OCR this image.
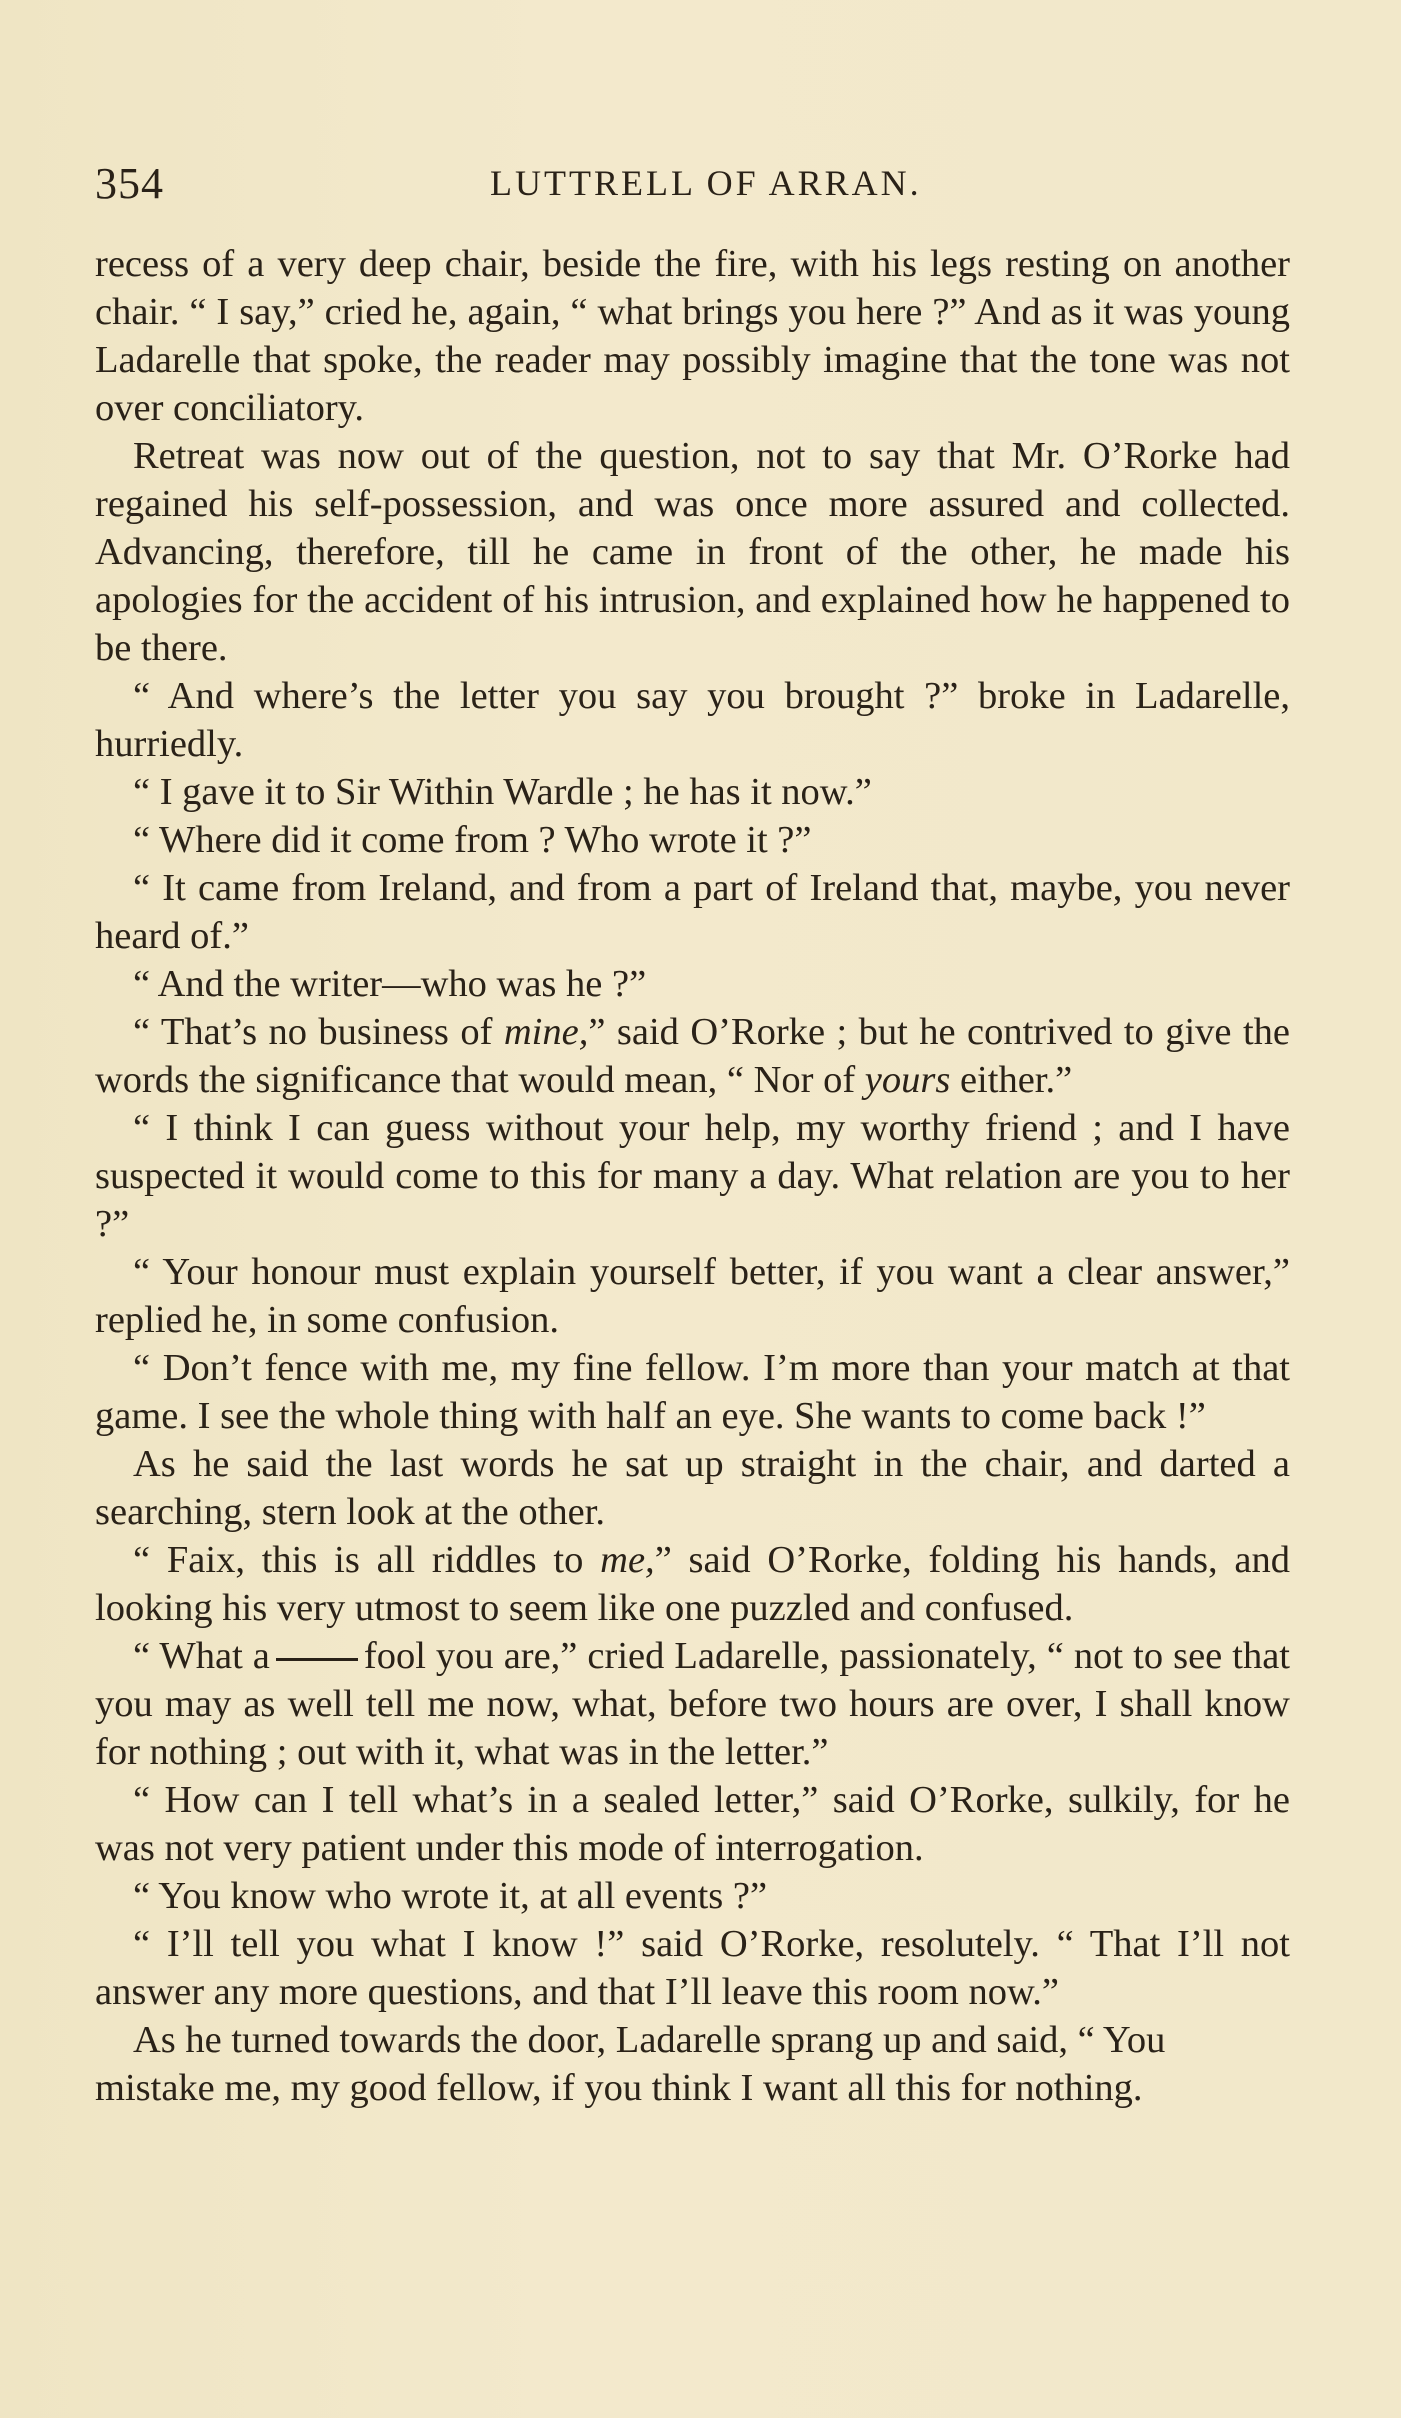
354	LUTTRELL OF ARRAN.

recess of a very deep chair, beside the fire, with his legs resting on another chair. “ I say,” cried he, again, “ what brings you here ?” And as it was young Ladarelle that spoke, the reader may possibly imagine that the tone was not over conciliatory.

Retreat was now out of the question, not to say that Mr. O’Rorke had regained his self-possession, and was once more assured and collected. Advancing, therefore, till he came in front of the other, he made his apologies for the accident of his intrusion, and explained how he happened to be there.

“ And where’s the letter you say you brought ?” broke in Ladarelle, hurriedly.

“ I gave it to Sir Within Wardle ; he has it now.”

“ Where did it come from ? Who wrote it ?”

“ It came from Ireland, and from a part of Ireland that, maybe, you never heard of.”

“ And the writer—who was he ?”

“ That’s no business of mine,” said O’Rorke ; but he contrived to give the words the significance that would mean, “ Nor of yours either.”

“ I think I can guess without your help, my worthy friend ; and I have suspected it would come to this for many a day. What relation are you to her ?”

“ Your honour must explain yourself better, if you want a clear answer,” replied he, in some confusion.

“ Don’t fence with me, my fine fellow. I’m more than your match at that game. I see the whole thing with half an eye. She wants to come back !”

As he said the last words he sat up straight in the chair, and darted a searching, stern look at the other.

“ Faix, this is all riddles to me,” said O’Rorke, folding his hands, and looking his very utmost to seem like one puzzled and confused.

“ What a fool you are,” cried Ladarelle, passionately, “ not to see that you may as well tell me now, what, before two hours are over, I shall know for nothing ; out with it, what was in the letter.”

“ How can I tell what’s in a sealed letter,” said O’Rorke, sulkily, for he was not very patient under this mode of interrogation.

“ You know who wrote it, at all events ?”

“ I’ll tell you what I know !” said O’Rorke, resolutely. “ That I’ll not answer any more questions, and that I’ll leave this room now.”

As he turned towards the door, Ladarelle sprang up and said, “ You mistake me, my good fellow, if you think I want all this for nothing.
